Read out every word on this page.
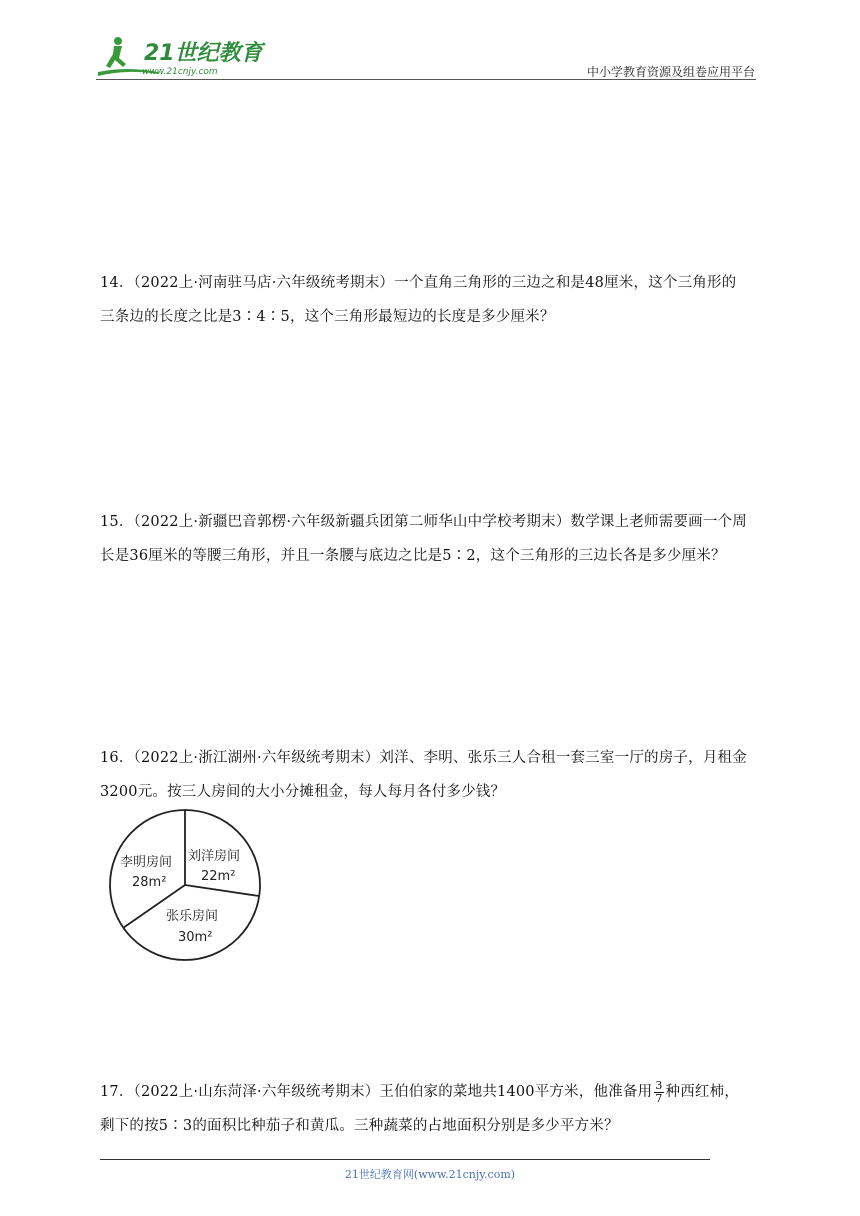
21世纪教育
www.21cnjy.com	中小学教育资源及组卷应用平台
14．（2022上·河南驻马店·六年级统考期末）一个直角三角形的三边之和是48厘米，这个三角形的
三条边的长度之比是3∶4∶5，这个三角形最短边的长度是多少厘米？
15．（2022上·新疆巴音郭楞·六年级新疆兵团第二师华山中学校考期末）数学课上老师需要画一个周
长是36厘米的等腰三角形，并且一条腰与底边之比是5∶2，这个三角形的三边长各是多少厘米？
16．（2022上·浙江湖州·六年级统考期末）刘洋、李明、张乐三人合租一套三室一厅的房子，月租金
3200元。按三人房间的大小分摊租金，每人每月各付多少钱？
李明房间
28m²
刘洋房间
22m²
张乐房间
30m²
17．（2022上·山东菏泽·六年级统考期末）王伯伯家的菜地共1400平方米，他准备用 $\frac{3}{7}$ 种西红柿，
剩下的按5∶3的面积比种茄子和黄瓜。三种蔬菜的占地面积分别是多少平方米？
21世纪教育网(www.21cnjy.com)
